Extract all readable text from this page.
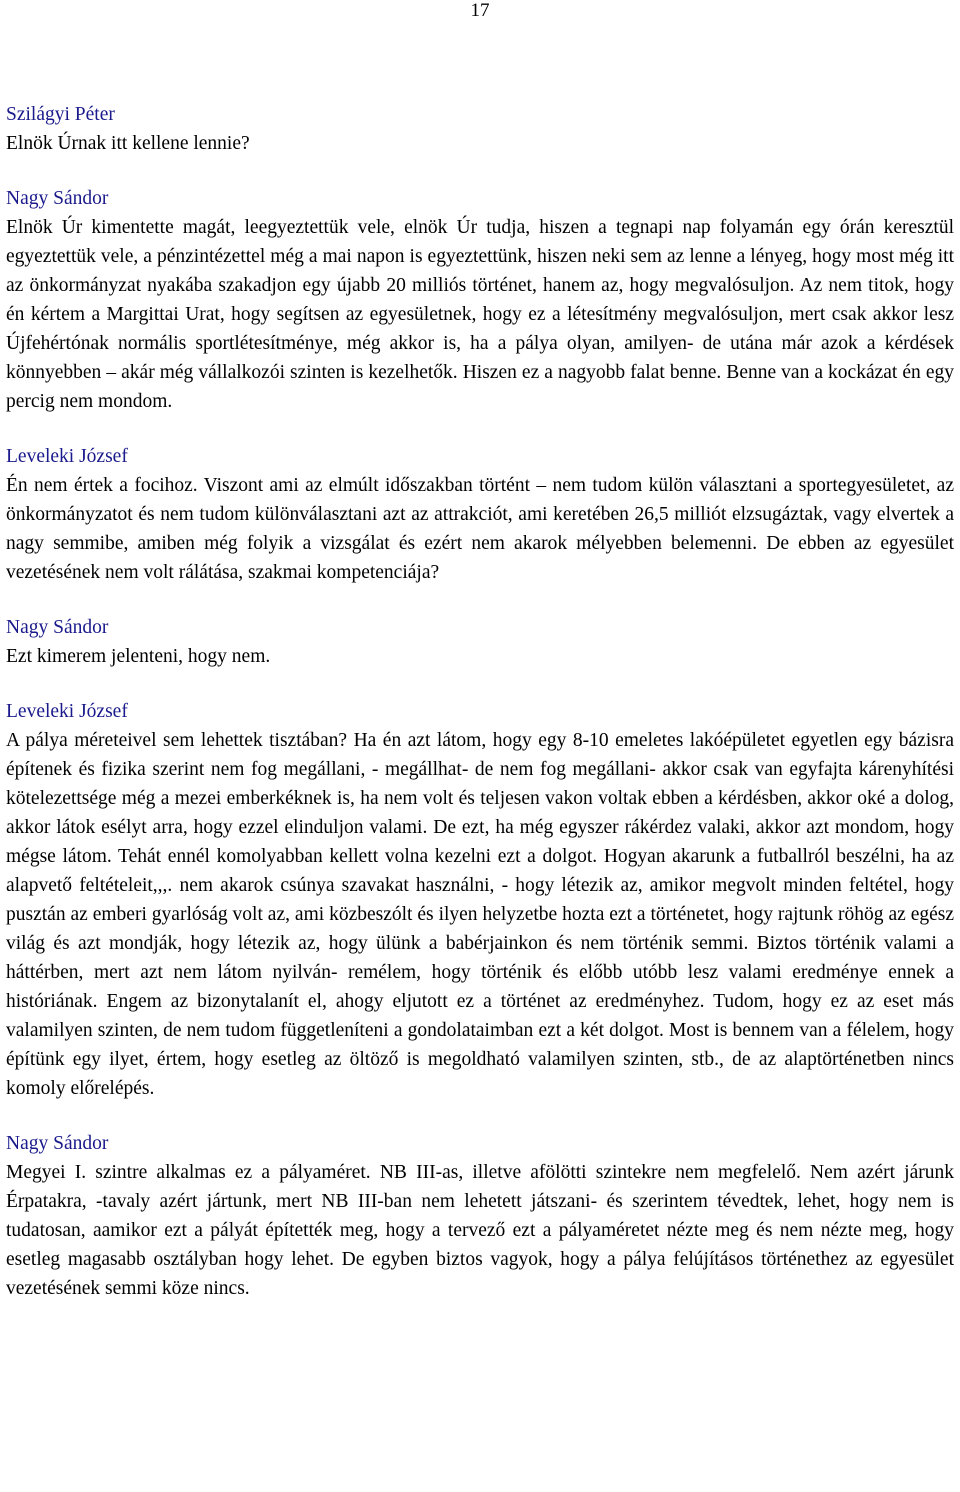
17
Szilágyi Péter
Elnök Úrnak itt kellene lennie?
Nagy Sándor
Elnök Úr kimentette magát, leegyeztettük vele, elnök Úr tudja, hiszen a tegnapi nap folyamán egy órán keresztül egyeztettük vele, a pénzintézettel még a mai napon is egyeztettünk, hiszen neki sem az lenne a lényeg, hogy most még itt az önkormányzat nyakába szakadjon egy újabb 20 milliós történet, hanem az, hogy megvalósuljon. Az nem titok, hogy én kértem a Margittai Urat, hogy segítsen az egyesületnek, hogy ez a létesítmény megvalósuljon, mert csak akkor lesz Újfehértónak normális sportlétesítménye, még akkor is, ha a pálya olyan, amilyen- de utána már azok a kérdések könnyebben – akár még vállalkozói szinten is kezelhetők. Hiszen ez a nagyobb falat benne. Benne van a kockázat én egy percig nem mondom.
Leveleki József
Én nem értek a focihoz. Viszont ami az elmúlt időszakban történt – nem tudom külön választani a sportegyesületet, az önkormányzatot és nem tudom különválasztani azt az attrakciót, ami keretében 26,5 milliót elzsugáztak, vagy elvertek a nagy semmibe, amiben még folyik a vizsgálat és ezért nem akarok mélyebben belemenni. De ebben az egyesület vezetésének nem volt rálátása, szakmai kompetenciája?
Nagy Sándor
Ezt kimerem jelenteni, hogy nem.
Leveleki József
A pálya méreteivel sem lehettek tisztában? Ha én azt látom, hogy egy 8-10 emeletes lakóépületet egyetlen egy bázisra építenek és fizika szerint nem fog megállani, - megállhat- de nem fog megállani- akkor csak van egyfajta kárenyhítési kötelezettsége még a mezei emberkéknek is, ha nem volt és teljesen vakon voltak ebben a kérdésben, akkor oké a dolog, akkor látok esélyt arra, hogy ezzel elinduljon valami. De ezt, ha még egyszer rákérdez valaki, akkor azt mondom, hogy mégse látom. Tehát ennél komolyabban kellett volna kezelni ezt a dolgot. Hogyan akarunk a futballról beszélni, ha az alapvető feltételeit,,,. nem akarok csúnya szavakat használni, - hogy létezik az, amikor megvolt minden feltétel, hogy pusztán az emberi gyarlóság volt az, ami közbeszólt és ilyen helyzetbe hozta ezt a történetet, hogy rajtunk röhög az egész világ és azt mondják, hogy létezik az, hogy ülünk a babérjainkon és nem történik semmi. Biztos történik valami a háttérben, mert azt nem látom nyilván- remélem, hogy történik és előbb utóbb lesz valami eredménye ennek a históriának. Engem az bizonytalanít el, ahogy eljutott ez a történet az eredményhez. Tudom, hogy ez az eset más valamilyen szinten, de nem tudom függetleníteni a gondolataimban ezt a két dolgot. Most is bennem van a félelem, hogy építünk egy ilyet, értem, hogy esetleg az öltöző is megoldható valamilyen szinten, stb., de az alaptörténetben nincs komoly előrelépés.
Nagy Sándor
Megyei I. szintre alkalmas ez a pályaméret. NB III-as, illetve afölötti szintekre nem megfelelő. Nem azért járunk Érpatakra, -tavaly azért jártunk, mert NB III-ban nem lehetett játszani- és szerintem tévedtek, lehet, hogy nem is tudatosan, aamikor ezt a pályát építették meg, hogy a tervező ezt a pályaméretet nézte meg és nem nézte meg, hogy esetleg magasabb osztályban hogy lehet. De egyben biztos vagyok, hogy a pálya felújításos történethez az egyesület vezetésének semmi köze nincs.
